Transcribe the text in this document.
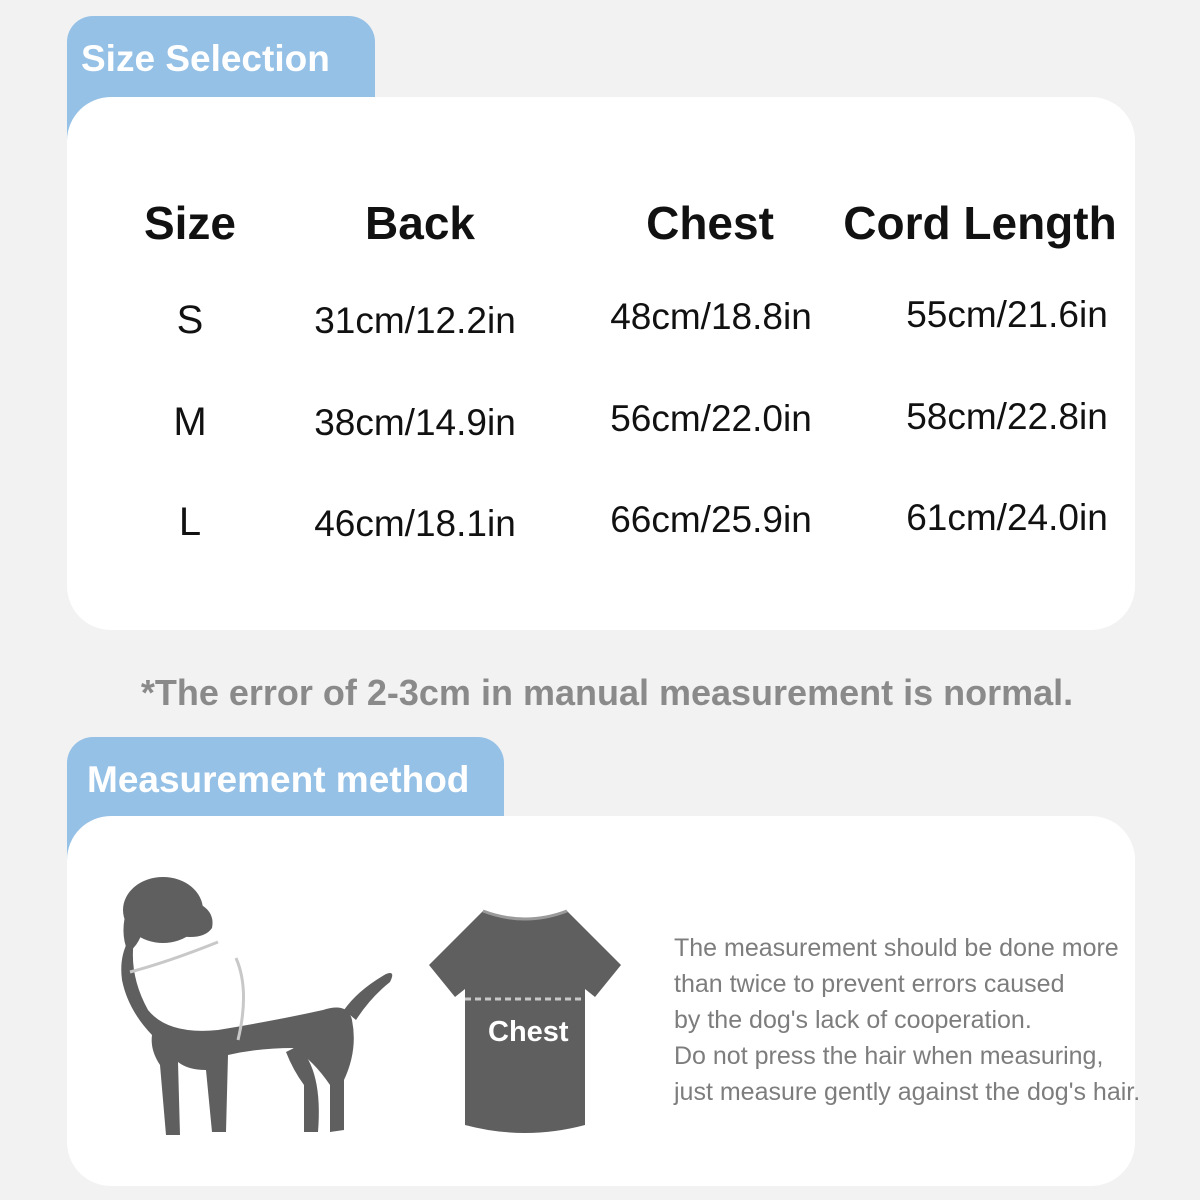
Size Selection
Size	Back	Chest	Cord Length
S	31cm/12.2in	48cm/18.8in	55cm/21.6in
M	38cm/14.9in	56cm/22.0in	58cm/22.8in
L	46cm/18.1in	66cm/25.9in	61cm/24.0in
*The error of 2-3cm in manual measurement is normal.
Measurement method
Chest
Chest
The measurement should be done more
than twice to prevent errors caused
by the dog's lack of cooperation.
Do not press the hair when measuring,
just measure gently against the dog's hair.
